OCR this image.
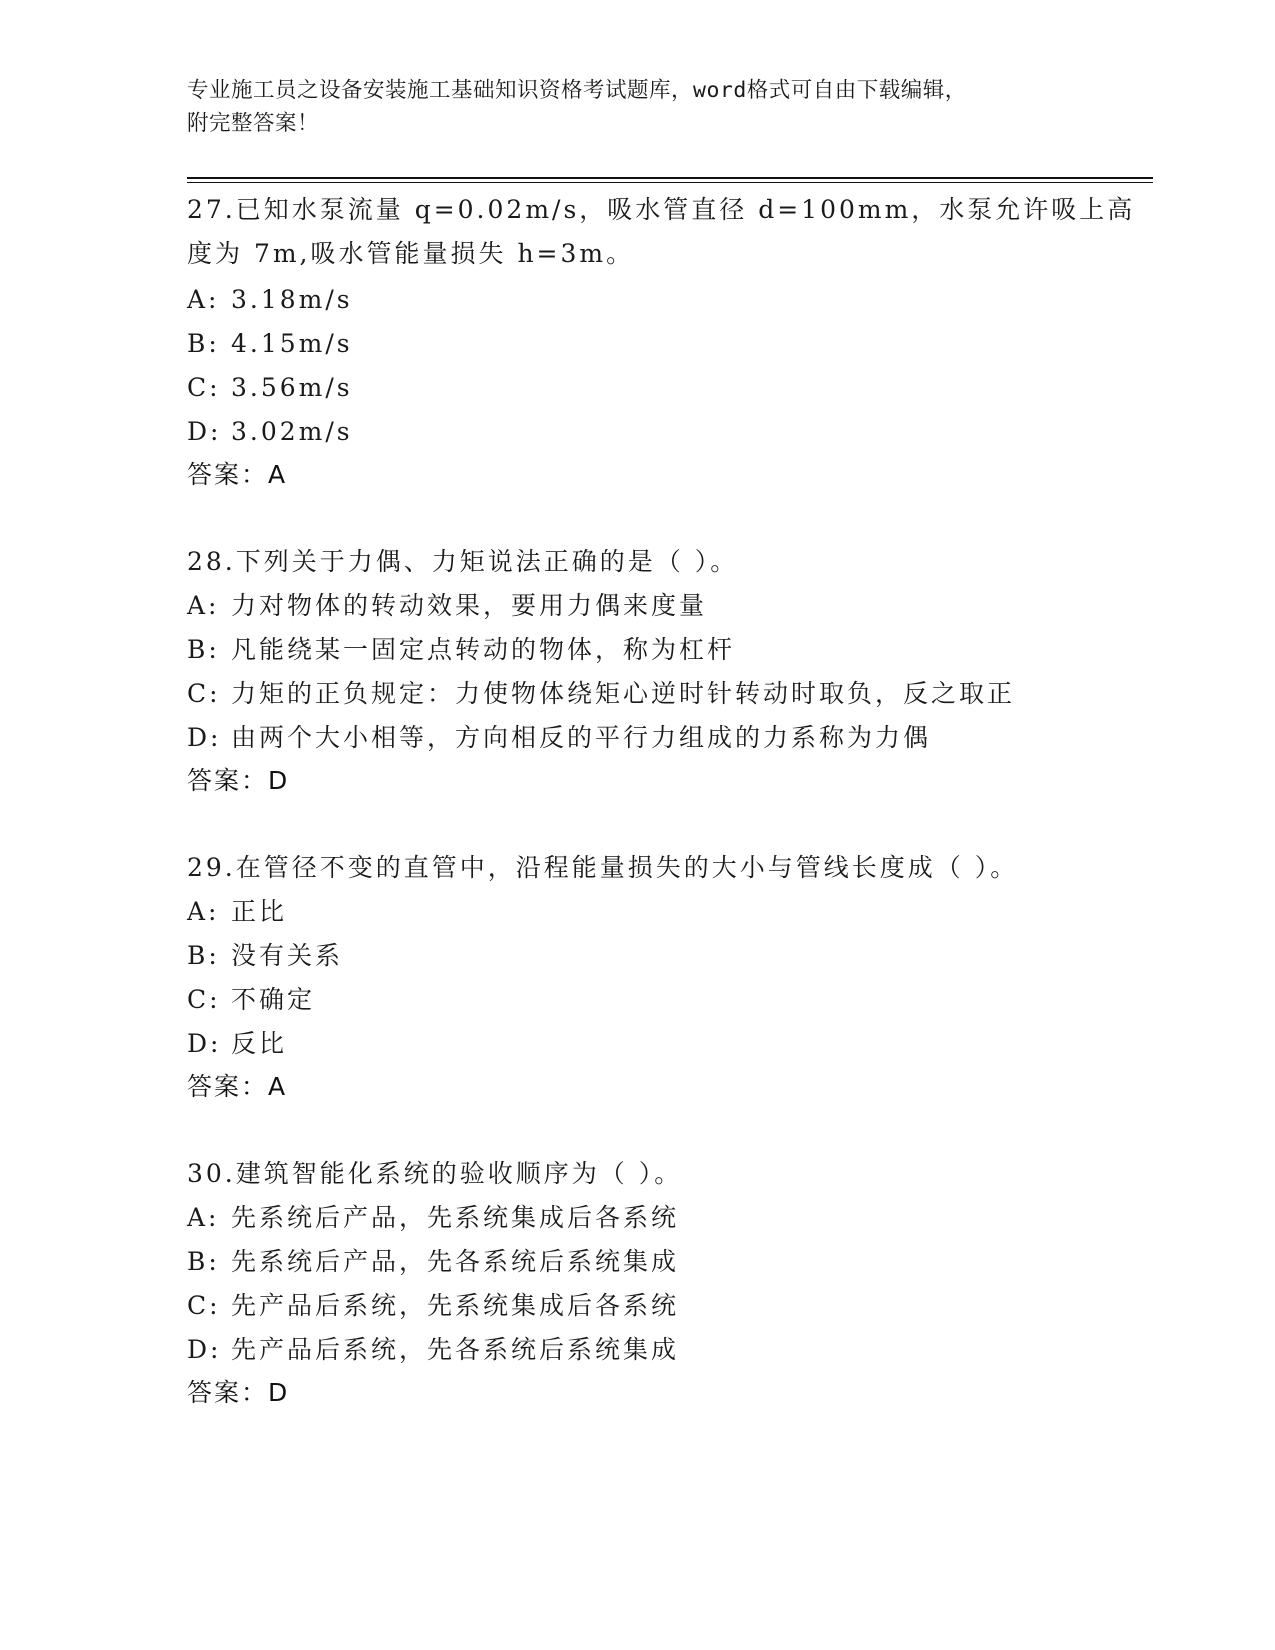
专业施工员之设备安装施工基础知识资格考试题库，word格式可自由下载编辑，
附完整答案！
27.已知水泵流量 q=0.02m/s，吸水管直径 d=100mm，水泵允许吸上高
度为 7m,吸水管能量损失 h=3m。
A: 3.18m/s
B: 4.15m/s
C: 3.56m/s
D: 3.02m/s
答案：A
28.下列关于力偶、力矩说法正确的是（ ）。
A: 力对物体的转动效果，要用力偶来度量
B: 凡能绕某一固定点转动的物体，称为杠杆
C: 力矩的正负规定：力使物体绕矩心逆时针转动时取负，反之取正
D: 由两个大小相等，方向相反的平行力组成的力系称为力偶
答案：D
29.在管径不变的直管中，沿程能量损失的大小与管线长度成（ ）。
A: 正比
B: 没有关系
C: 不确定
D: 反比
答案：A
30.建筑智能化系统的验收顺序为（ ）。
A: 先系统后产品，先系统集成后各系统
B: 先系统后产品，先各系统后系统集成
C: 先产品后系统，先系统集成后各系统
D: 先产品后系统，先各系统后系统集成
答案：D
